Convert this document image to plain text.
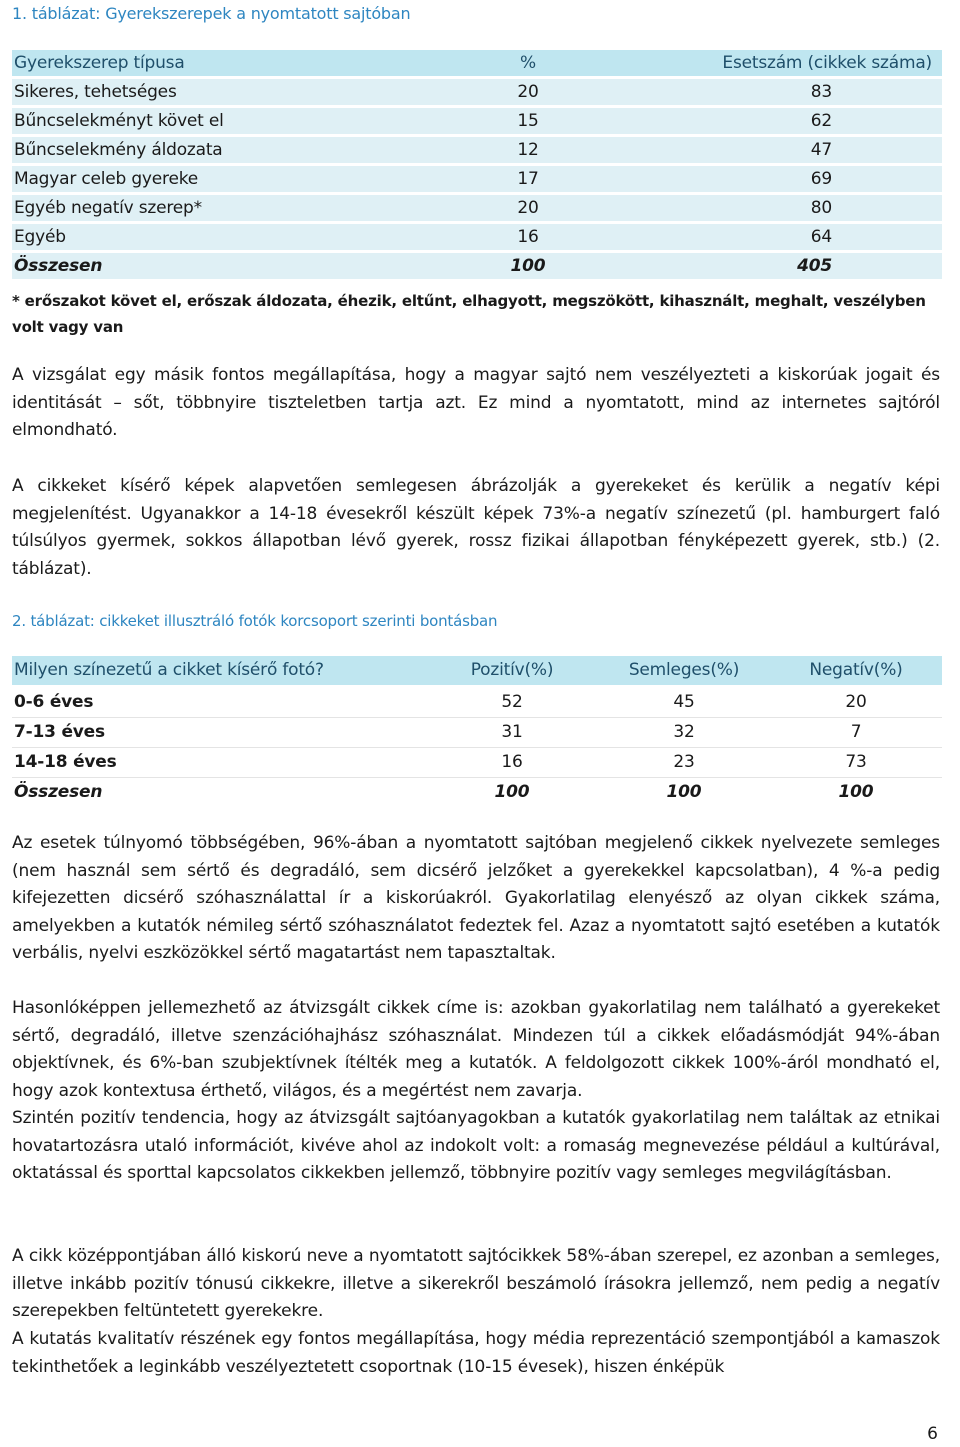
1. táblázat: Gyerekszerepek a nyomtatott sajtóban

Gyerekszerep típusa	%	Esetszám (cikkek száma)
Sikeres, tehetséges	20	83
Bűncselekményt követ el	15	62
Bűncselekmény áldozata	12	47
Magyar celeb gyereke	17	69
Egyéb negatív szerep*	20	80
Egyéb	16	64
Összesen	100	405

* erőszakot követ el, erőszak áldozata, éhezik, eltűnt, elhagyott, megszökött, kihasznált, meghalt, veszélyben volt vagy van

A vizsgálat egy másik fontos megállapítása, hogy a magyar sajtó nem veszélyezteti a kiskorúak jogait és identitását – sőt, többnyire tiszteletben tartja azt. Ez mind a nyomtatott, mind az internetes sajtóról elmondható.

A cikkeket kísérő képek alapvetően semlegesen ábrázolják a gyerekeket és kerülik a negatív képi megjelenítést. Ugyanakkor a 14-18 évesekről készült képek 73%-a negatív színezetű (pl. hamburgert faló túlsúlyos gyermek, sokkos állapotban lévő gyerek, rossz fizikai állapotban fényképezett gyerek, stb.) (2. táblázat).

2. táblázat: cikkeket illusztráló fotók korcsoport szerinti bontásban

Milyen színezetű a cikket kísérő fotó?	Pozitív(%)	Semleges(%)	Negatív(%)
0-6 éves	52	45	20
7-13 éves	31	32	7
14-18 éves	16	23	73
Összesen	100	100	100

Az esetek túlnyomó többségében, 96%-ában a nyomtatott sajtóban megjelenő cikkek nyelvezete semleges (nem használ sem sértő és degradáló, sem dicsérő jelzőket a gyerekekkel kapcsolatban), 4 %-a pedig kifejezetten dicsérő szóhasználattal ír a kiskorúakról. Gyakorlatilag elenyésző az olyan cikkek száma, amelyekben a kutatók némileg sértő szóhasználatot fedeztek fel. Azaz a nyomtatott sajtó esetében a kutatók verbális, nyelvi eszközökkel sértő magatartást nem tapasztaltak.

Hasonlóképpen jellemezhető az átvizsgált cikkek címe is: azokban gyakorlatilag nem található a gyerekeket sértő, degradáló, illetve szenzációhajhász szóhasználat. Mindezen túl a cikkek előadásmódját 94%-ában objektívnek, és 6%-ban szubjektívnek ítélték meg a kutatók. A feldolgozott cikkek 100%-áról mondható el, hogy azok kontextusa érthető, világos, és a megértést nem zavarja.

Szintén pozitív tendencia, hogy az átvizsgált sajtóanyagokban a kutatók gyakorlatilag nem találtak az etnikai hovatartozásra utaló információt, kivéve ahol az indokolt volt: a romaság megnevezése például a kultúrával, oktatással és sporttal kapcsolatos cikkekben jellemző, többnyire pozitív vagy semleges megvilágításban.

A cikk középpontjában álló kiskorú neve a nyomtatott sajtócikkek 58%-ában szerepel, ez azonban a semleges, illetve inkább pozitív tónusú cikkekre, illetve a sikerekről beszámoló írásokra jellemző, nem pedig a negatív szerepekben feltüntetett gyerekekre.

A kutatás kvalitatív részének egy fontos megállapítása, hogy média reprezentáció szempontjából a kamaszok tekinthetőek a leginkább veszélyeztetett csoportnak (10-15 évesek), hiszen énképük

6
